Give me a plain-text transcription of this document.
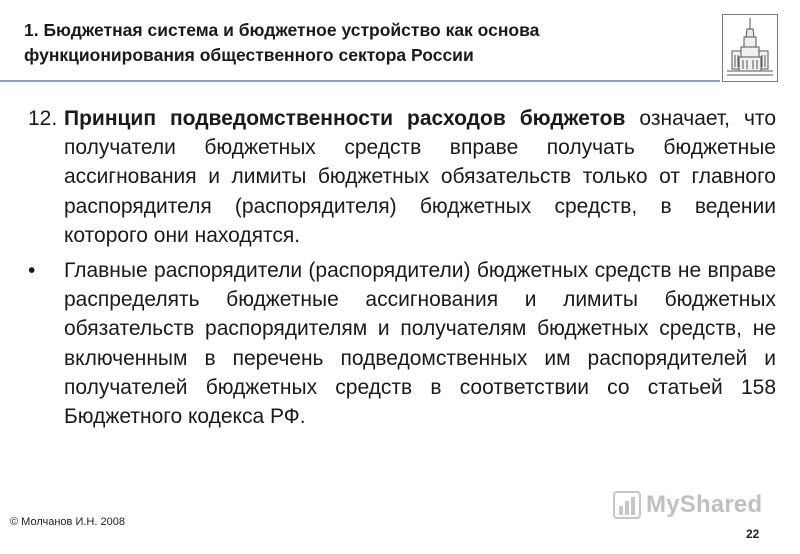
1. Бюджетная система и бюджетное устройство как основа
функционирования общественного сектора России
12. Принцип подведомственности расходов бюджетов означает, что получатели бюджетных средств вправе получать бюджетные ассигнования и лимиты бюджетных обязательств только от главного распорядителя (распорядителя) бюджетных средств, в ведении которого они находятся.
• Главные распорядители (распорядители) бюджетных средств не вправе распределять бюджетные ассигнования и лимиты бюджетных обязательств распорядителям и получателям бюджетных средств, не включенным в перечень подведомственных им распорядителей и получателей бюджетных средств в соответствии со статьей 158 Бюджетного кодекса РФ.
MyShared
© Молчанов И.Н. 2008
22
